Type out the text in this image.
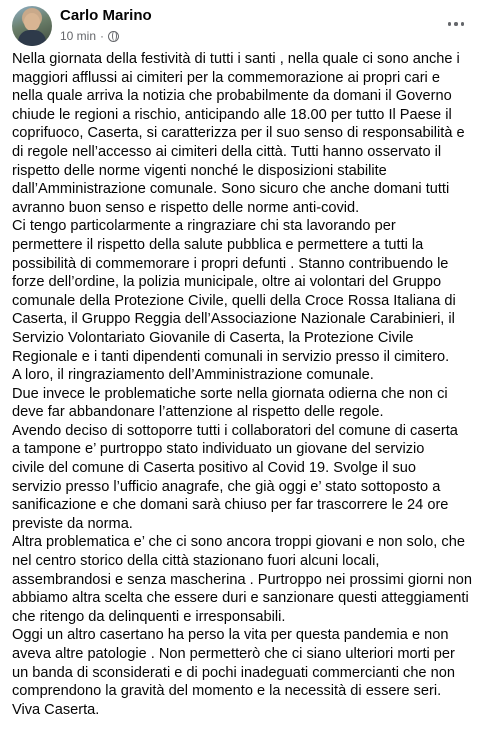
Carlo Marino
10 min ·
Nella giornata della festività di tutti i santi , nella quale ci sono anche i
maggiori afflussi ai cimiteri per la commemorazione ai propri cari e
nella quale arriva la notizia che probabilmente da domani il Governo
chiude le regioni a rischio, anticipando alle 18.00 per tutto Il Paese il
coprifuoco, Caserta, si caratterizza per il suo senso di responsabilità e
di regole nell’accesso ai cimiteri della città. Tutti hanno osservato il
rispetto delle norme vigenti nonché le disposizioni stabilite
dall’Amministrazione comunale. Sono sicuro che anche domani tutti
avranno buon senso e rispetto delle norme anti-covid.
Ci tengo particolarmente a ringraziare chi sta lavorando per
permettere il rispetto della salute pubblica e permettere a tutti la
possibilità di commemorare i propri defunti . Stanno contribuendo le
forze dell’ordine, la polizia municipale, oltre ai volontari del Gruppo
comunale della Protezione Civile, quelli della Croce Rossa Italiana di
Caserta, il Gruppo Reggia dell’Associazione Nazionale Carabinieri, il
Servizio Volontariato Giovanile di Caserta, la Protezione Civile
Regionale e i tanti dipendenti comunali in servizio presso il cimitero.
A loro, il ringraziamento dell’Amministrazione comunale.
Due invece le problematiche sorte nella giornata odierna che non ci
deve far abbandonare l’attenzione al rispetto delle regole.
Avendo deciso di sottoporre tutti i collaboratori del comune di caserta
a tampone e’ purtroppo stato individuato un giovane del servizio
civile del comune di Caserta positivo al Covid 19. Svolge il suo
servizio presso l’ufficio anagrafe, che già oggi e’ stato sottoposto a
sanificazione e che domani sarà chiuso per far trascorrere le 24 ore
previste da norma.
Altra problematica e’ che ci sono ancora troppi giovani e non solo, che
nel centro storico della città stazionano fuori alcuni locali,
assembrandosi e senza mascherina . Purtroppo nei prossimi giorni non
abbiamo altra scelta che essere duri e sanzionare questi atteggiamenti
che ritengo da delinquenti e irresponsabili.
Oggi un altro casertano ha perso la vita per questa pandemia e non
aveva altre patologie . Non permetterò che ci siano ulteriori morti per
un banda di sconsiderati e di pochi inadeguati commercianti che non
comprendono la gravità del momento e la necessità di essere seri.
Viva Caserta.
